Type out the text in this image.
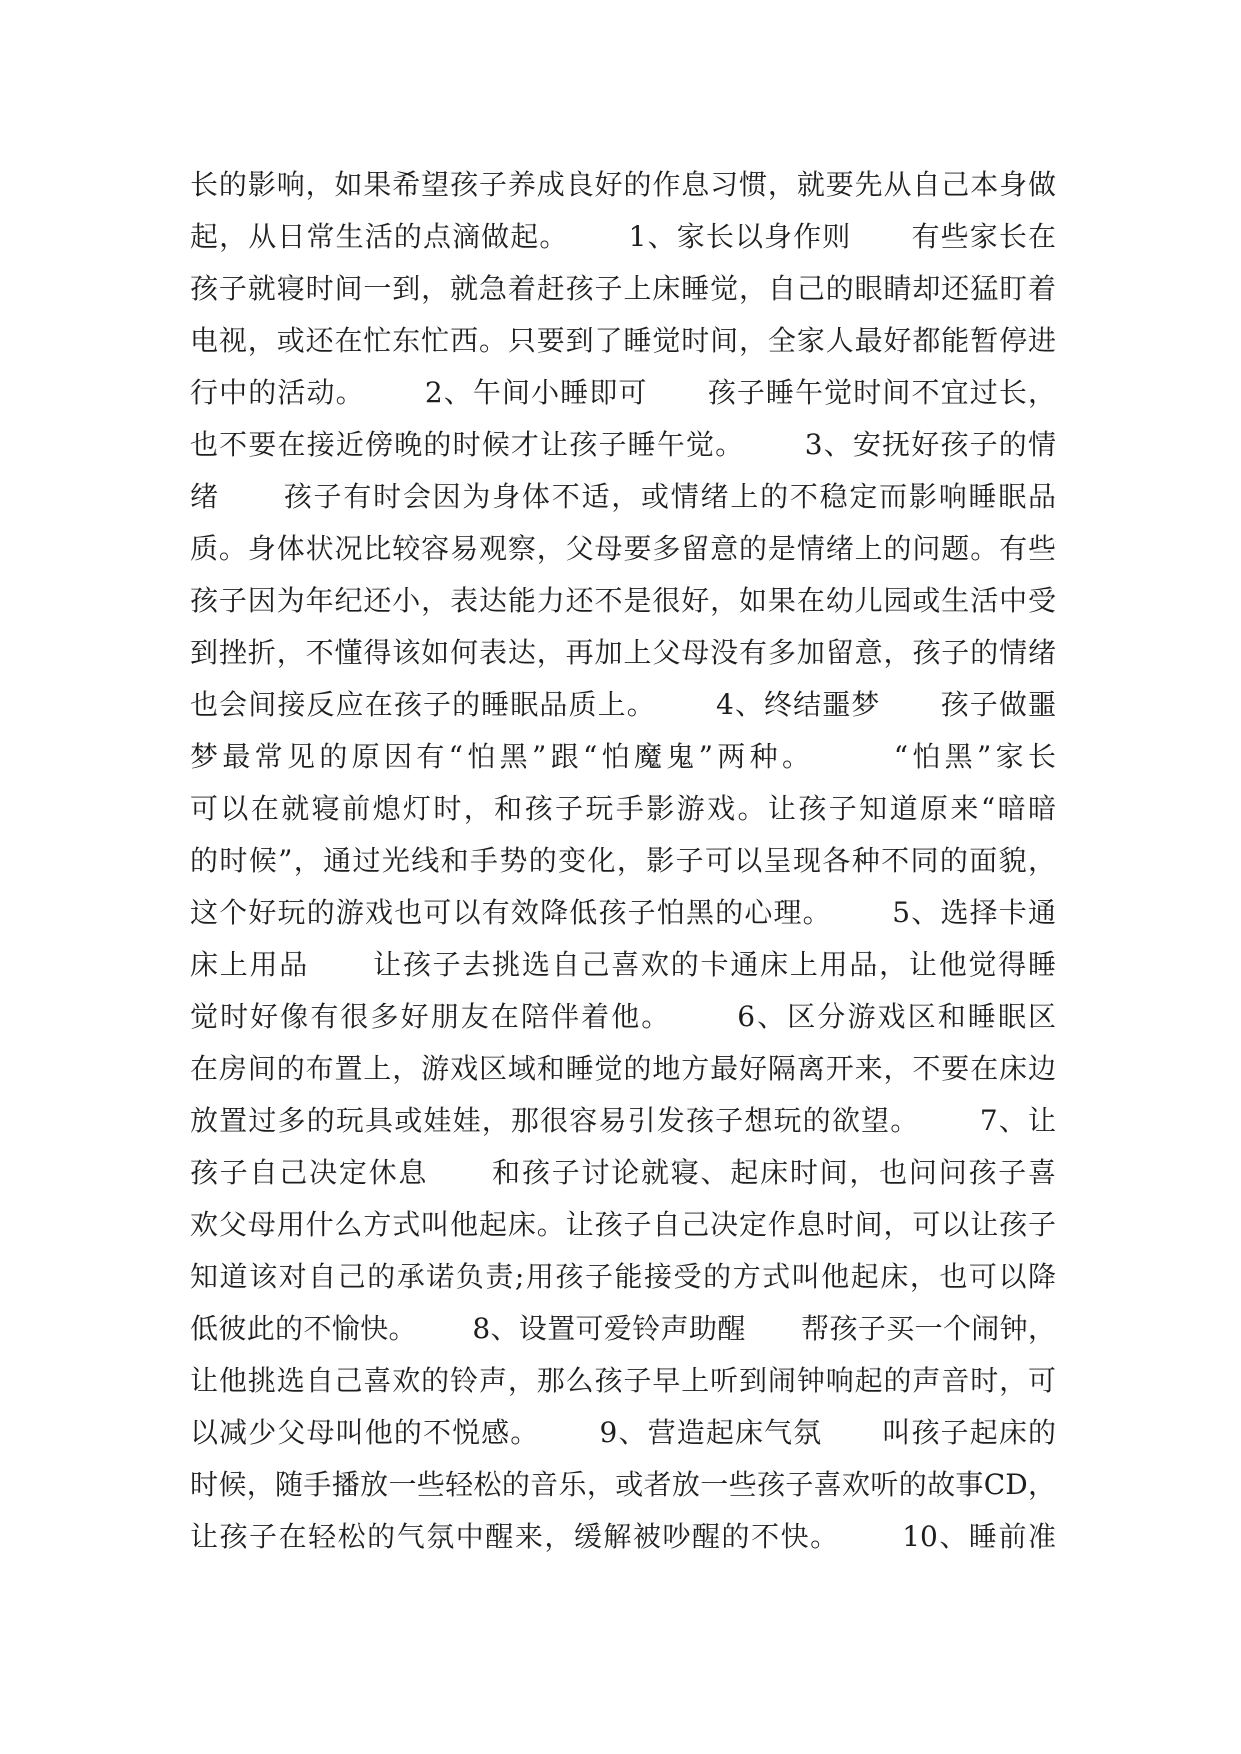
长的影响，如果希望孩子养成良好的作息习惯，就要先从自己本身做
起，从日常生活的点滴做起。      1、家长以身作则      有些家长在
孩子就寝时间一到，就急着赶孩子上床睡觉，自己的眼睛却还猛盯着
电视，或还在忙东忙西。只要到了睡觉时间，全家人最好都能暂停进
行中的活动。      2、午间小睡即可      孩子睡午觉时间不宜过长，
也不要在接近傍晚的时候才让孩子睡午觉。      3、安抚好孩子的情
绪      孩子有时会因为身体不适，或情绪上的不稳定而影响睡眠品
质。身体状况比较容易观察，父母要多留意的是情绪上的问题。有些
孩子因为年纪还小，表达能力还不是很好，如果在幼儿园或生活中受
到挫折，不懂得该如何表达，再加上父母没有多加留意，孩子的情绪
也会间接反应在孩子的睡眠品质上。      4、终结噩梦      孩子做噩
梦最常见的原因有“怕黑”跟“怕魔鬼”两种。      “怕黑”家长
可以在就寝前熄灯时，和孩子玩手影游戏。让孩子知道原来“暗暗
的时候”，通过光线和手势的变化，影子可以呈现各种不同的面貌，
这个好玩的游戏也可以有效降低孩子怕黑的心理。      5、选择卡通
床上用品      让孩子去挑选自己喜欢的卡通床上用品，让他觉得睡
觉时好像有很多好朋友在陪伴着他。      6、区分游戏区和睡眠区
在房间的布置上，游戏区域和睡觉的地方最好隔离开来，不要在床边
放置过多的玩具或娃娃，那很容易引发孩子想玩的欲望。      7、让
孩子自己决定休息      和孩子讨论就寝、起床时间，也问问孩子喜
欢父母用什么方式叫他起床。让孩子自己决定作息时间，可以让孩子
知道该对自己的承诺负责;用孩子能接受的方式叫他起床，也可以降
低彼此的不愉快。      8、设置可爱铃声助醒      帮孩子买一个闹钟，
让他挑选自己喜欢的铃声，那么孩子早上听到闹钟响起的声音时，可
以减少父母叫他的不悦感。      9、营造起床气氛      叫孩子起床的
时候，随手播放一些轻松的音乐，或者放一些孩子喜欢听的故事CD，
让孩子在轻松的气氛中醒来，缓解被吵醒的不快。      10、睡前准
